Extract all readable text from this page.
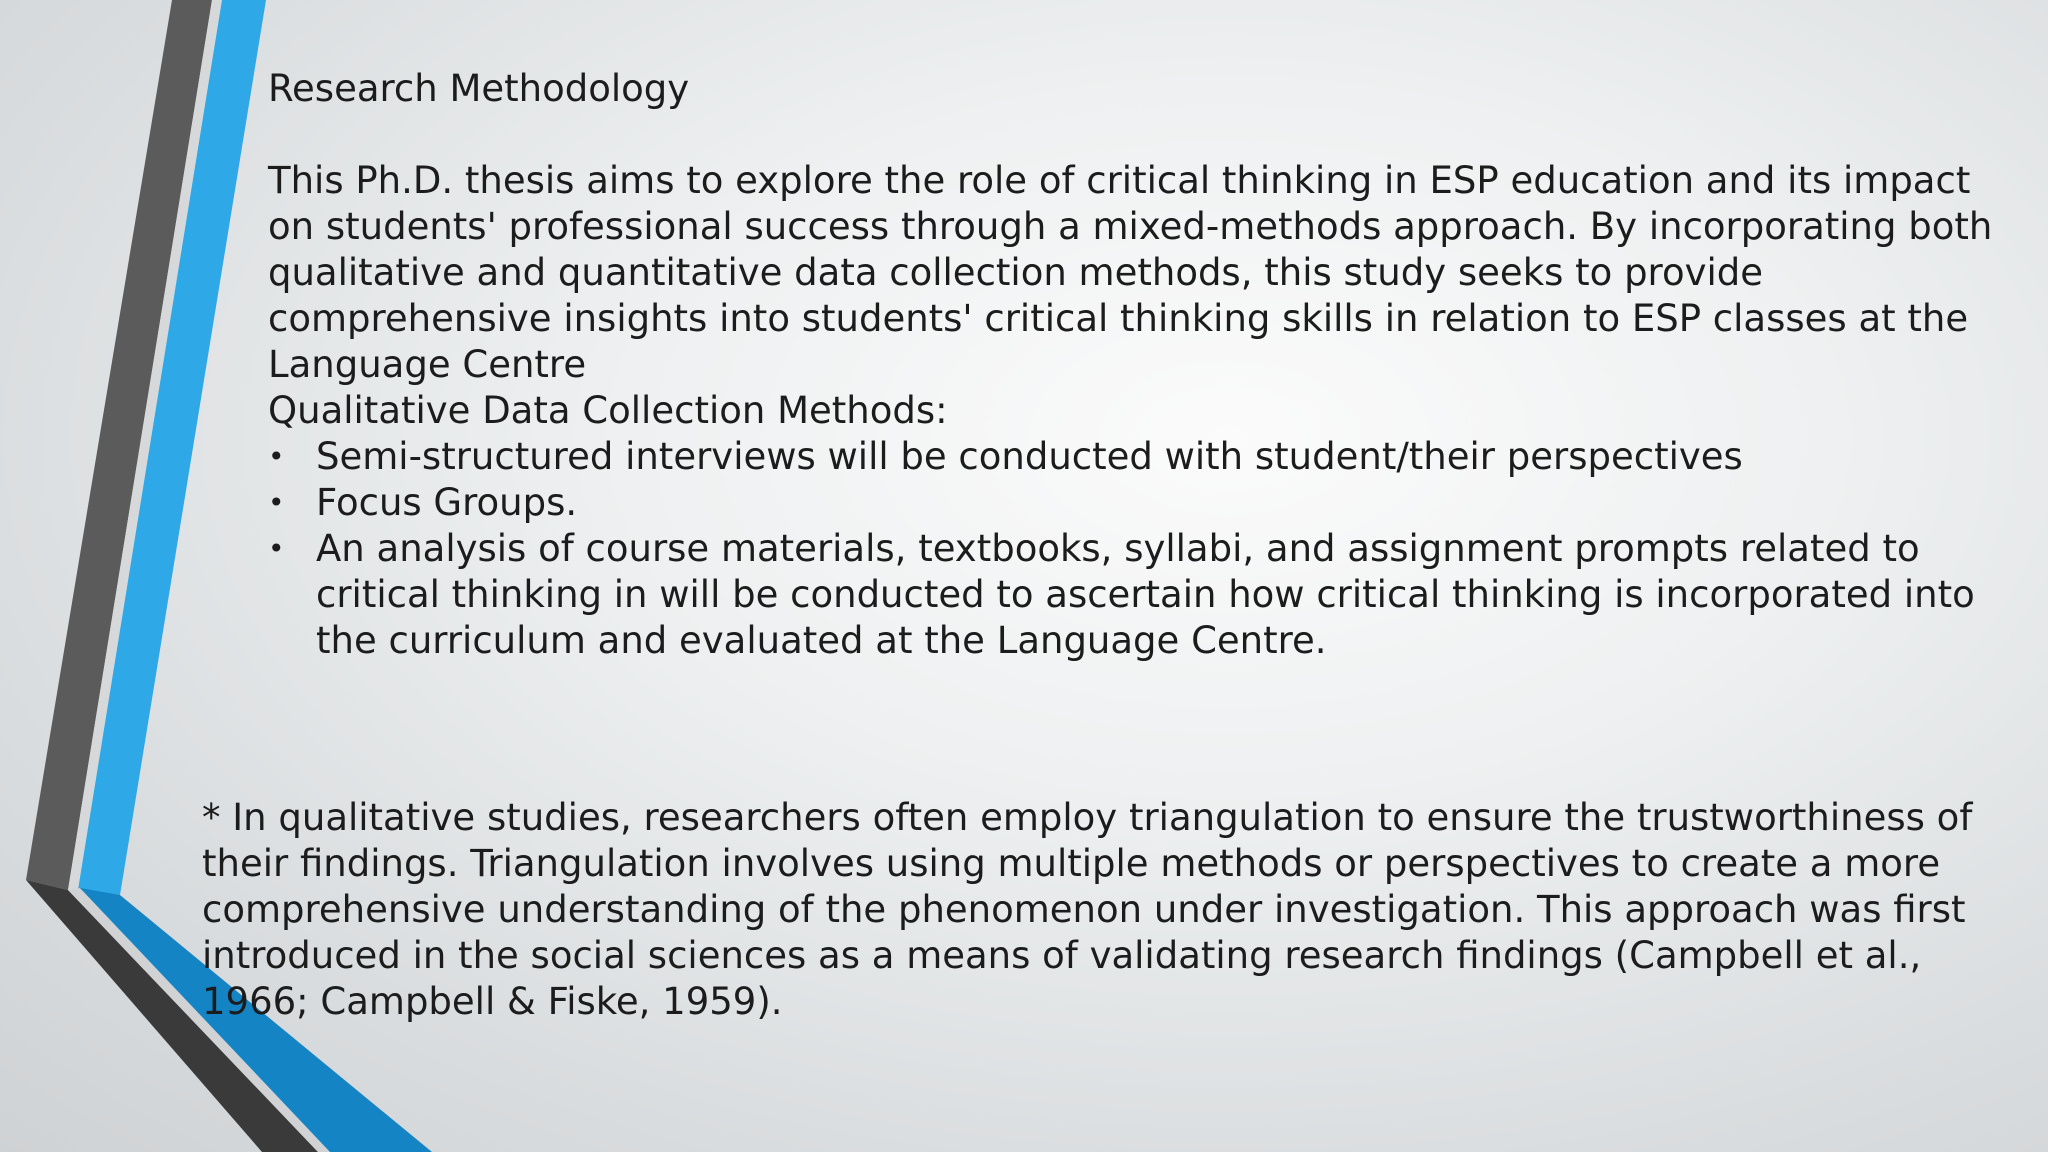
Research Methodology
This Ph.D. thesis aims to explore the role of critical thinking in ESP education and its impact on students' professional success through a mixed-methods approach. By incorporating both qualitative and quantitative data collection methods, this study seeks to provide comprehensive insights into students' critical thinking skills in relation to ESP classes at the Language Centre
Qualitative Data Collection Methods:
• Semi-structured interviews will be conducted with student/their perspectives
• Focus Groups.
• An analysis of course materials, textbooks, syllabi, and assignment prompts related to critical thinking in will be conducted to ascertain how critical thinking is incorporated into the curriculum and evaluated at the Language Centre.
* In qualitative studies, researchers often employ triangulation to ensure the trustworthiness of their findings. Triangulation involves using multiple methods or perspectives to create a more comprehensive understanding of the phenomenon under investigation. This approach was first introduced in the social sciences as a means of validating research findings (Campbell et al., 1966; Campbell & Fiske, 1959).
